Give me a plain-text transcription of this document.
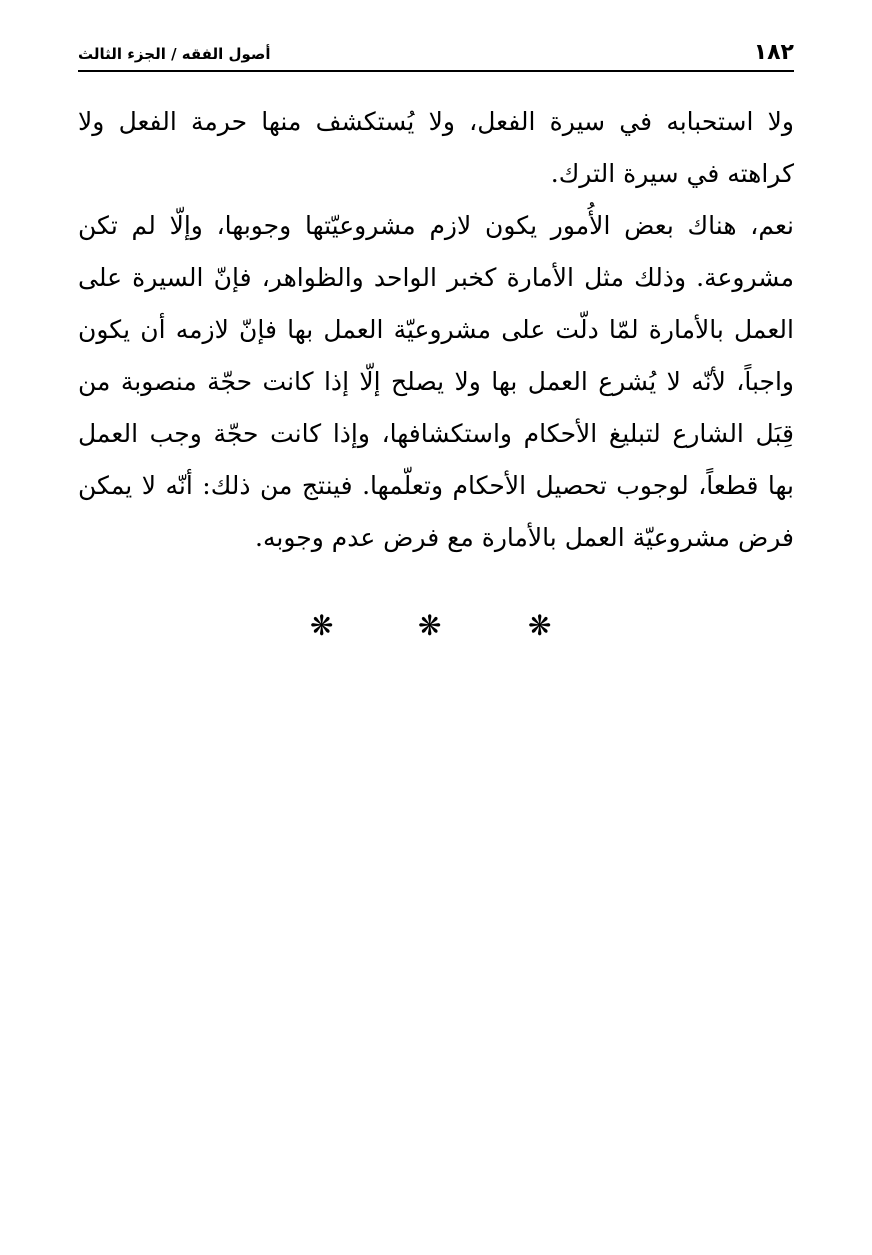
١٨٢
أصول الفقه / الجزء الثالث

ولا استحبابه في سيرة الفعل، ولا يُستكشف منها حرمة الفعل ولا كراهته في سيرة الترك.

نعم، هناك بعض الأُمور يكون لازم مشروعيّتها وجوبها، وإلّا لم تكن مشروعة. وذلك مثل الأمارة كخبر الواحد والظواهر، فإنّ السيرة على العمل بالأمارة لمّا دلّت على مشروعيّة العمل بها فإنّ لازمه أن يكون واجباً، لأنّه لا يُشرع العمل بها ولا يصلح إلّا إذا كانت حجّة منصوبة من قِبَل الشارع لتبليغ الأحكام واستكشافها، وإذا كانت حجّة وجب العمل بها قطعاً، لوجوب تحصيل الأحكام وتعلّمها. فينتج من ذلك: أنّه لا يمكن فرض مشروعيّة العمل بالأمارة مع فرض عدم وجوبه.

❋	❋	❋
